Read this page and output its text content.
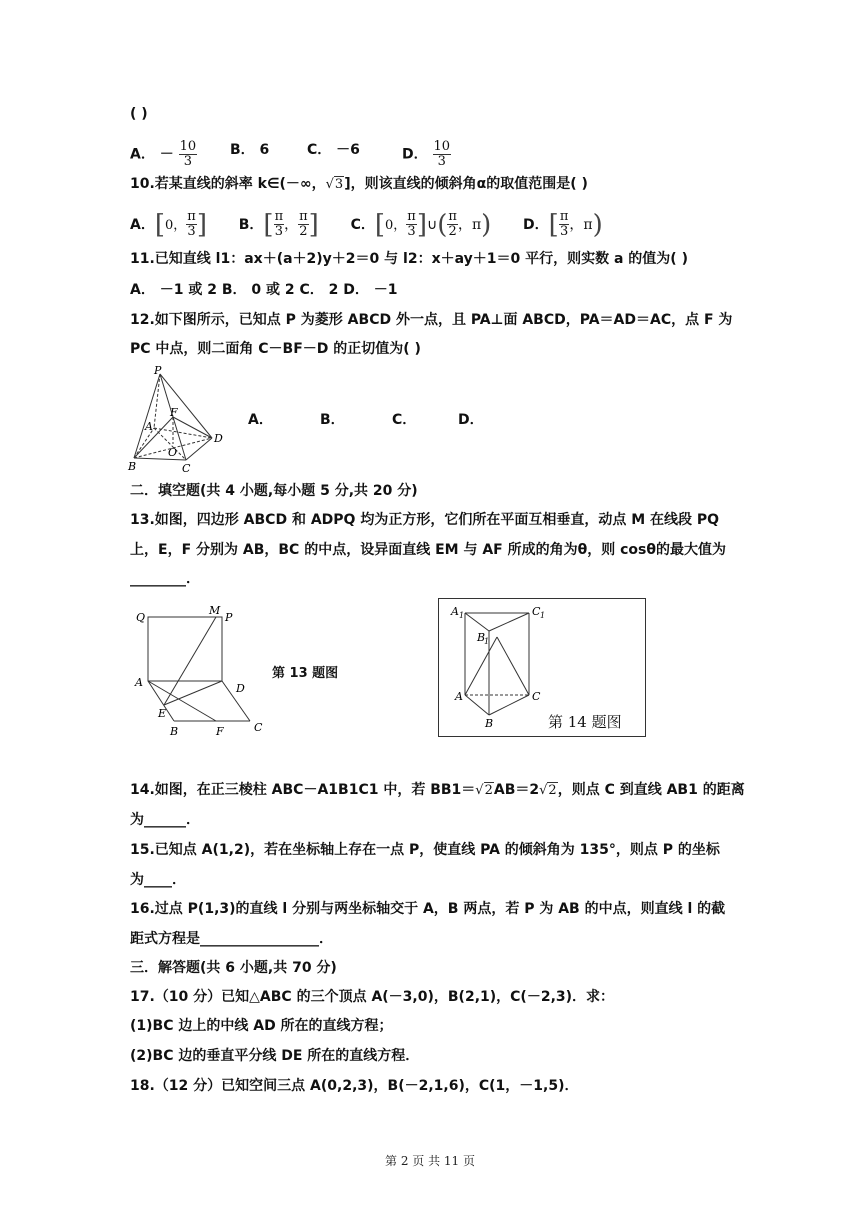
( )
A． － $\frac{10}{3}$ B． 6	C． －6	D． $\frac{10}{3}$
10.若某直线的斜率 k∈(－∞，√3]，则该直线的倾斜角α的取值范围是( )
A．[0， $\frac{\pi}{3}$ ] B．[ $\frac{\pi}{3}$ ， $\frac{\pi}{2}$ ] C．[0， $\frac{\pi}{3}$ ]∪( $\frac{\pi}{2}$ ，π) D．[ $\frac{\pi}{3}$ ，π)
11.已知直线 l1：ax＋(a＋2)y＋2＝0 与 l2：x＋ay＋1＝0 平行，则实数 a 的值为( )
A． －1 或 2 B． 0 或 2 C． 2 D． －1
12.如下图所示，已知点 P 为菱形 ABCD 外一点，且 PA⊥面 ABCD，PA＝AD＝AC，点 F 为
PC 中点，则二面角 C－BF－D 的正切值为( )
P
F
A
D
O
B	C
A．	B．	C．	D．
二．填空题(共 4 小题,每小题 5 分,共 20 分)
13.如图，四边形 ABCD 和 ADPQ 均为正方形，它们所在平面互相垂直，动点 M 在线段 PQ
上，E，F 分别为 AB，BC 的中点，设异面直线 EM 与 AF 所成的角为θ，则 cosθ的最大值为
________．
Q
M
P
A	D
E
B	F	C
第 13 题图
A 1	C 1
B
1
A	C
B	第 14 题图
14.如图，在正三棱柱 ABC－A1B1C1 中，若 BB1＝√2AB＝2√2，则点 C 到直线 AB1 的距离
为______．
15.已知点 A(1,2)，若在坐标轴上存在一点 P，使直线 PA 的倾斜角为 135°，则点 P 的坐标
为____．
16.过点 P(1,3)的直线 l 分别与两坐标轴交于 A，B 两点，若 P 为 AB 的中点，则直线 l 的截
距式方程是_________________．
三．解答题(共 6 小题,共 70 分)
17.（10 分）已知△ABC 的三个顶点 A(－3,0)，B(2,1)，C(－2,3)．求：
(1)BC 边上的中线 AD 所在的直线方程；
(2)BC 边的垂直平分线 DE 所在的直线方程．
18.（12 分）已知空间三点 A(0,2,3)，B(－2,1,6)，C(1，－1,5)．
第 2 页 共 11 页
